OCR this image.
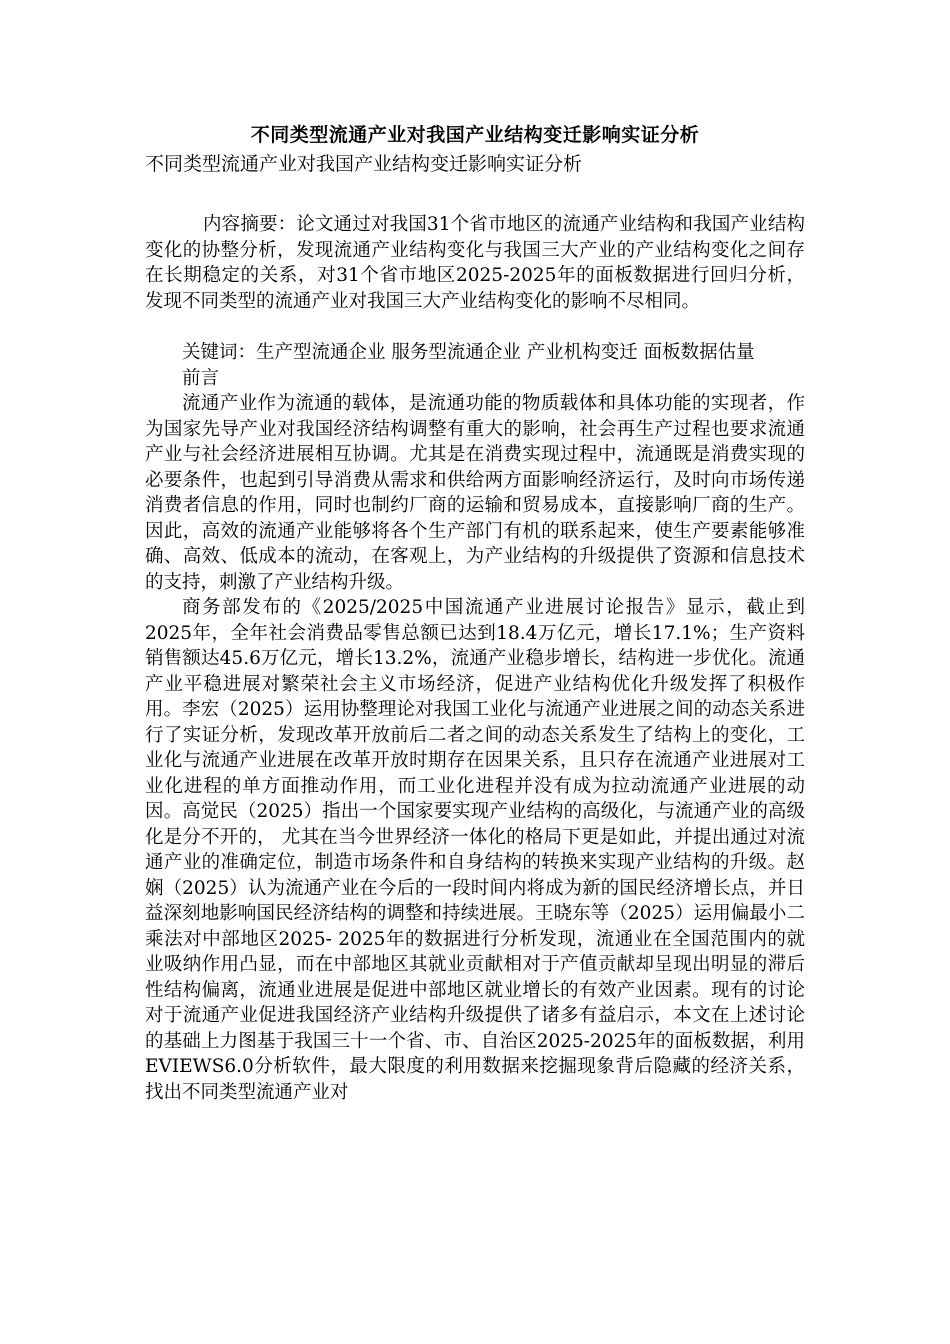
不同类型流通产业对我国产业结构变迁影响实证分析

不同类型流通产业对我国产业结构变迁影响实证分析

内容摘要：论文通过对我国31个省市地区的流通产业结构和我国产业结构变化的协整分析，发现流通产业结构变化与我国三大产业的产业结构变化之间存在长期稳定的关系，对31个省市地区2025-2025年的面板数据进行回归分析，发现不同类型的流通产业对我国三大产业结构变化的影响不尽相同。

关键词：生产型流通企业 服务型流通企业 产业机构变迁 面板数据估量

前言

流通产业作为流通的载体，是流通功能的物质载体和具体功能的实现者，作为国家先导产业对我国经济结构调整有重大的影响，社会再生产过程也要求流通产业与社会经济进展相互协调。尤其是在消费实现过程中，流通既是消费实现的必要条件，也起到引导消费从需求和供给两方面影响经济运行，及时向市场传递消费者信息的作用，同时也制约厂商的运输和贸易成本，直接影响厂商的生产。因此，高效的流通产业能够将各个生产部门有机的联系起来，使生产要素能够准确、高效、低成本的流动，在客观上，为产业结构的升级提供了资源和信息技术的支持，刺激了产业结构升级。

商务部发布的《2025/2025中国流通产业进展讨论报告》显示，截止到2025年，全年社会消费品零售总额已达到18.4万亿元，增长17.1%；生产资料销售额达45.6万亿元，增长13.2%，流通产业稳步增长，结构进一步优化。流通产业平稳进展对繁荣社会主义市场经济，促进产业结构优化升级发挥了积极作用。李宏（2025）运用协整理论对我国工业化与流通产业进展之间的动态关系进行了实证分析，发现改革开放前后二者之间的动态关系发生了结构上的变化，工业化与流通产业进展在改革开放时期存在因果关系，且只存在流通产业进展对工业化进程的单方面推动作用，而工业化进程并没有成为拉动流通产业进展的动因。高觉民（2025）指出一个国家要实现产业结构的高级化，与流通产业的高级化是分不开的， 尤其在当今世界经济一体化的格局下更是如此，并提出通过对流通产业的准确定位，制造市场条件和自身结构的转换来实现产业结构的升级。赵娴（2025）认为流通产业在今后的一段时间内将成为新的国民经济增长点，并日益深刻地影响国民经济结构的调整和持续进展。王晓东等（2025）运用偏最小二乘法对中部地区2025- 2025年的数据进行分析发现，流通业在全国范围内的就业吸纳作用凸显，而在中部地区其就业贡献相对于产值贡献却呈现出明显的滞后性结构偏离，流通业进展是促进中部地区就业增长的有效产业因素。现有的讨论对于流通产业促进我国经济产业结构升级提供了诸多有益启示，本文在上述讨论的基础上力图基于我国三十一个省、市、自治区2025-2025年的面板数据，利用EVIEWS6.0分析软件，最大限度的利用数据来挖掘现象背后隐藏的经济关系，找出不同类型流通产业对
